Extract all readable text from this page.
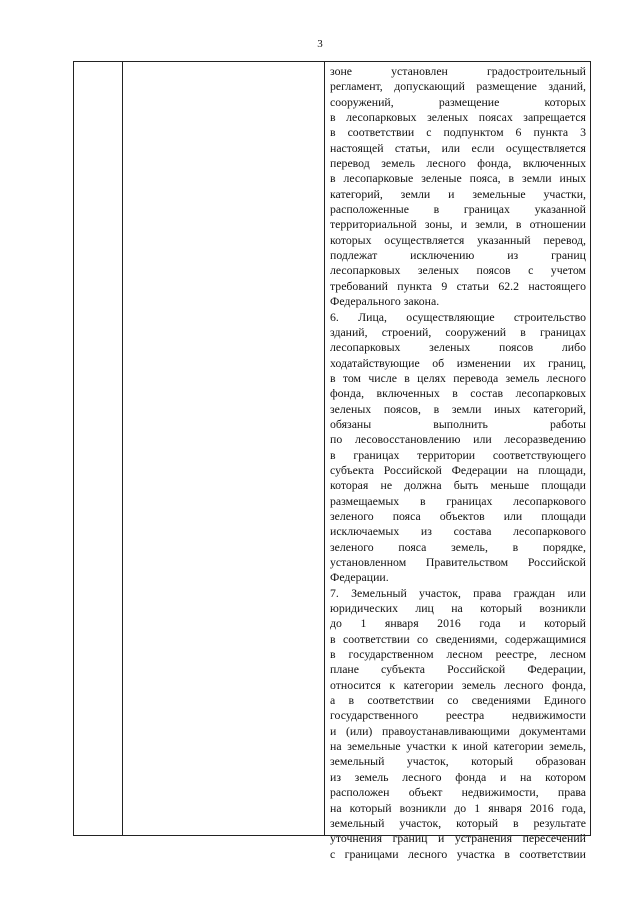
3
зоне установлен градостроительный
регламент, допускающий размещение зданий,
сооружений, размещение которых
в лесопарковых зеленых поясах запрещается
в соответствии с подпунктом 6 пункта 3
настоящей статьи, или если осуществляется
перевод земель лесного фонда, включенных
в лесопарковые зеленые пояса, в земли иных
категорий, земли и земельные участки,
расположенные в границах указанной
территориальной зоны, и земли, в отношении
которых осуществляется указанный перевод,
подлежат исключению из границ
лесопарковых зеленых поясов с учетом
требований пункта 9 статьи 62.2 настоящего
Федерального закона.
6. Лица, осуществляющие строительство
зданий, строений, сооружений в границах
лесопарковых зеленых поясов либо
ходатайствующие об изменении их границ,
в том числе в целях перевода земель лесного
фонда, включенных в состав лесопарковых
зеленых поясов, в земли иных категорий,
обязаны выполнить работы
по лесовосстановлению или лесоразведению
в границах территории соответствующего
субъекта Российской Федерации на площади,
которая не должна быть меньше площади
размещаемых в границах лесопаркового
зеленого пояса объектов или площади
исключаемых из состава лесопаркового
зеленого пояса земель, в порядке,
установленном Правительством Российской
Федерации.
7. Земельный участок, права граждан или
юридических лиц на который возникли
до 1 января 2016 года и который
в соответствии со сведениями, содержащимися
в государственном лесном реестре, лесном
плане субъекта Российской Федерации,
относится к категории земель лесного фонда,
а в соответствии со сведениями Единого
государственного реестра недвижимости
и (или) правоустанавливающими документами
на земельные участки к иной категории земель,
земельный участок, который образован
из земель лесного фонда и на котором
расположен объект недвижимости, права
на который возникли до 1 января 2016 года,
земельный участок, который в результате
уточнения границ и устранения пересечений
с границами лесного участка в соответствии
